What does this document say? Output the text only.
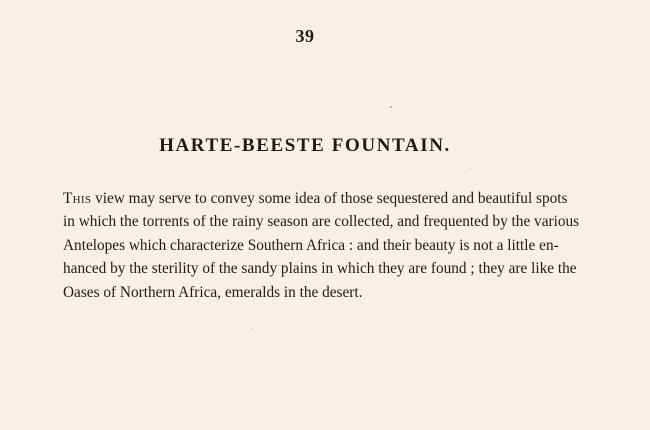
39
HARTE-BEESTE FOUNTAIN.
This view may serve to convey some idea of those sequestered and beautiful spots
in which the torrents of the rainy season are collected, and frequented by the various
Antelopes which characterize Southern Africa : and their beauty is not a little en-
hanced by the sterility of the sandy plains in which they are found ; they are like the
Oases of Northern Africa, emeralds in the desert.
